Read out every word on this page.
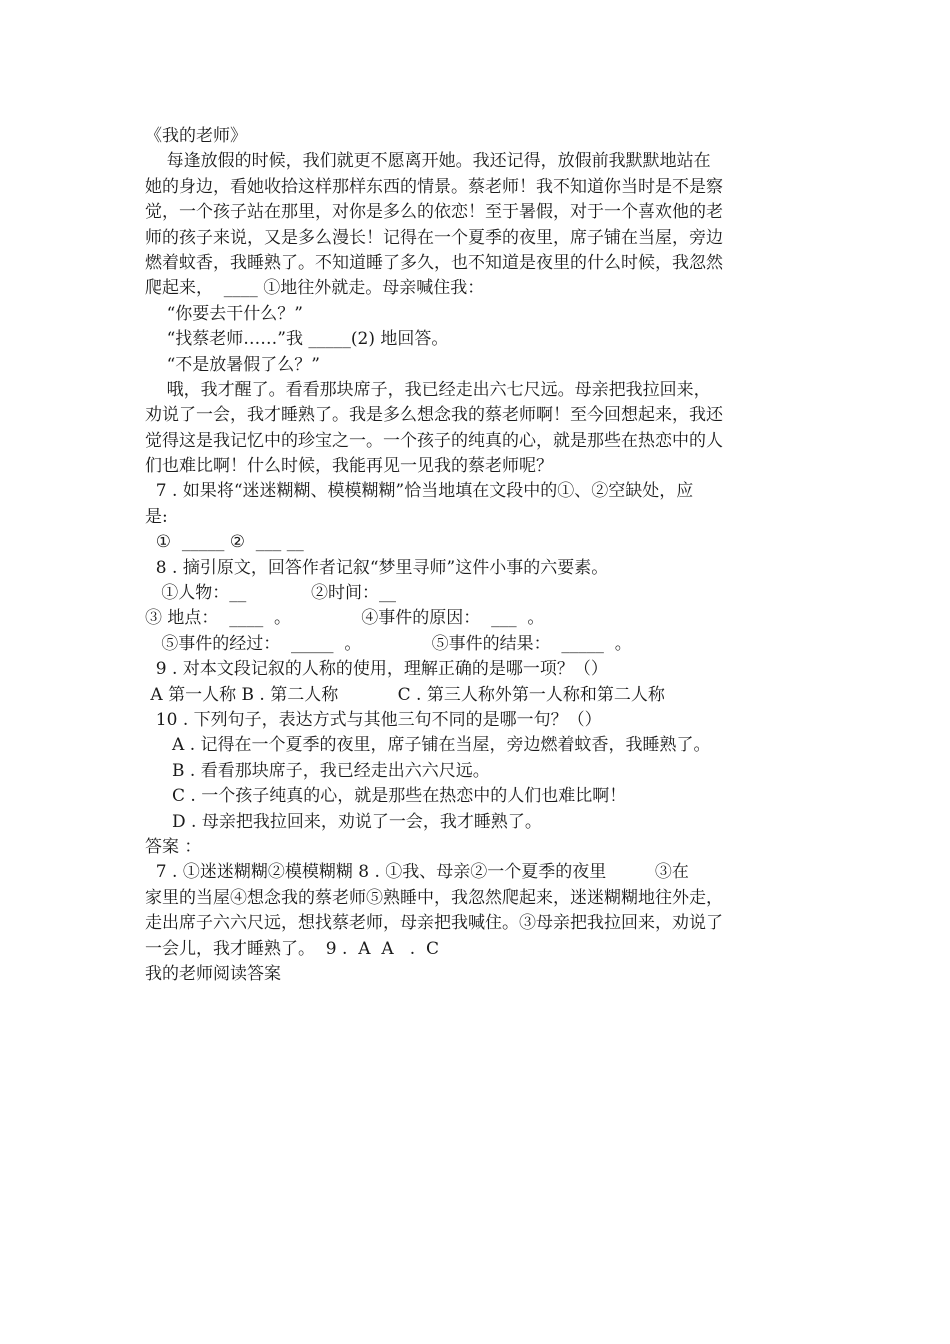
《我的老师》
每逢放假的时候，我们就更不愿离开她。我还记得，放假前我默默地站在
她的身边，看她收拾这样那样东西的情景。蔡老师！我不知道你当时是不是察
觉，一个孩子站在那里，对你是多么的依恋！至于暑假，对于一个喜欢他的老
师的孩子来说，又是多么漫长！记得在一个夏季的夜里，席子铺在当屋，旁边
燃着蚊香，我睡熟了。不知道睡了多久，也不知道是夜里的什么时候，我忽然
爬起来，  ____ ①地往外就走。母亲喊住我：
“你要去干什么？”
“找蔡老师……”我 _____(2) 地回答。
“不是放暑假了么？”
哦，我才醒了。看看那块席子，我已经走出六七尺远。母亲把我拉回来，
劝说了一会，我才睡熟了。我是多么想念我的蔡老师啊！至今回想起来，我还
觉得这是我记忆中的珍宝之一。一个孩子的纯真的心，就是那些在热恋中的人
们也难比啊！什么时候，我能再见一见我的蔡老师呢？
7 . 如果将“迷迷糊糊、模模糊糊”恰当地填在文段中的①、②空缺处，应
是:
①  _____ ②  ___ __
8 . 摘引原文，回答作者记叙“梦里寻师”这件小事的六要素。
①人物：__            ②时间：__
③ 地点：  ____  。             ④事件的原因：  ___  。
⑤事件的经过：  _____  。             ⑤事件的结果：  _____  。
9 . 对本文段记叙的人称的使用，理解正确的是哪一项？（）
A 第一人称 B . 第二人称           C . 第三人称外第一人称和第二人称
10 . 下列句子，表达方式与其他三句不同的是哪一句？（）
A . 记得在一个夏季的夜里，席子铺在当屋，旁边燃着蚊香，我睡熟了。
B . 看看那块席子，我已经走出六六尺远。
C . 一个孩子纯真的心，就是那些在热恋中的人们也难比啊！
D . 母亲把我拉回来，劝说了一会，我才睡熟了。
答案 ：
7 . ①迷迷糊糊②模模糊糊 8 . ①我、母亲②一个夏季的夜里         ③在
家里的当屋④想念我的蔡老师⑤熟睡中，我忽然爬起来，迷迷糊糊地往外走，
走出席子六六尺远，想找蔡老师，母亲把我喊住。③母亲把我拉回来，劝说了
一会儿，我才睡熟了。  9 .  A  A   .  C
我的老师阅读答案
